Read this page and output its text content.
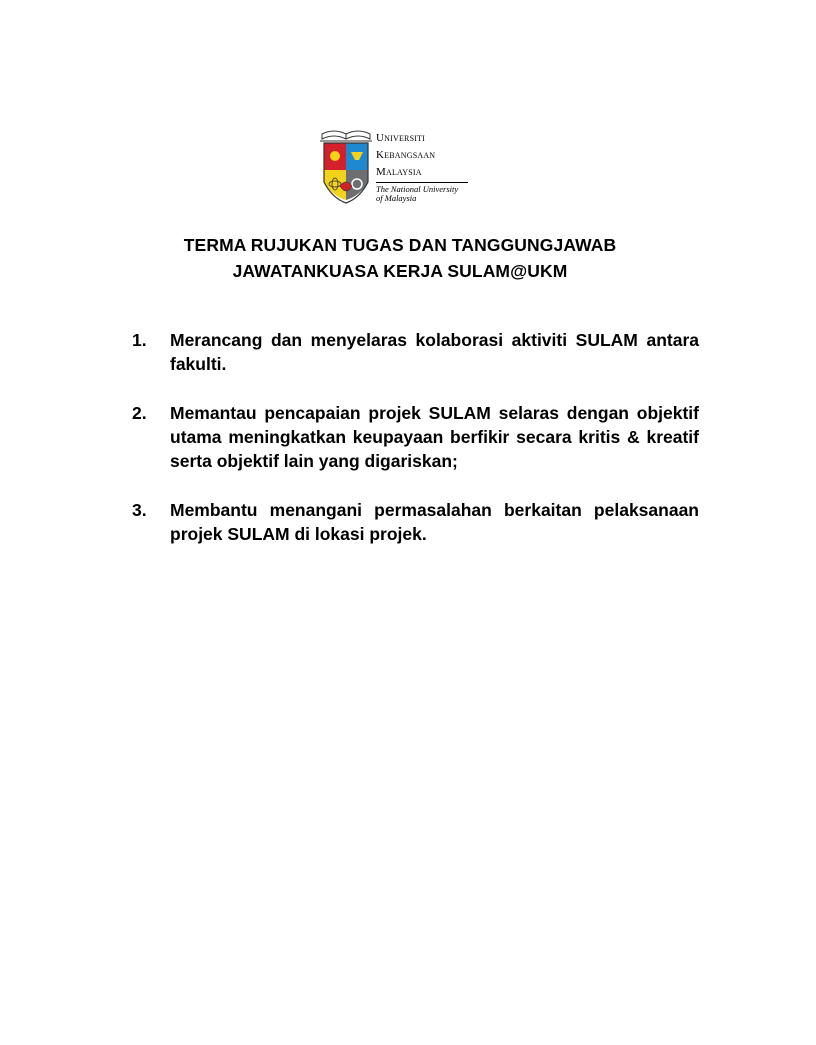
Universiti
Kebangsaan
Malaysia
The National University
of Malaysia
TERMA RUJUKAN TUGAS DAN TANGGUNGJAWAB
JAWATANKUASA KERJA SULAM@UKM
1. Merancang dan menyelaras kolaborasi aktiviti SULAM antara fakulti.
2. Memantau pencapaian projek SULAM selaras dengan objektif utama meningkatkan keupayaan berfikir secara kritis & kreatif serta objektif lain yang digariskan;
3. Membantu menangani permasalahan berkaitan pelaksanaan projek SULAM di lokasi projek.
